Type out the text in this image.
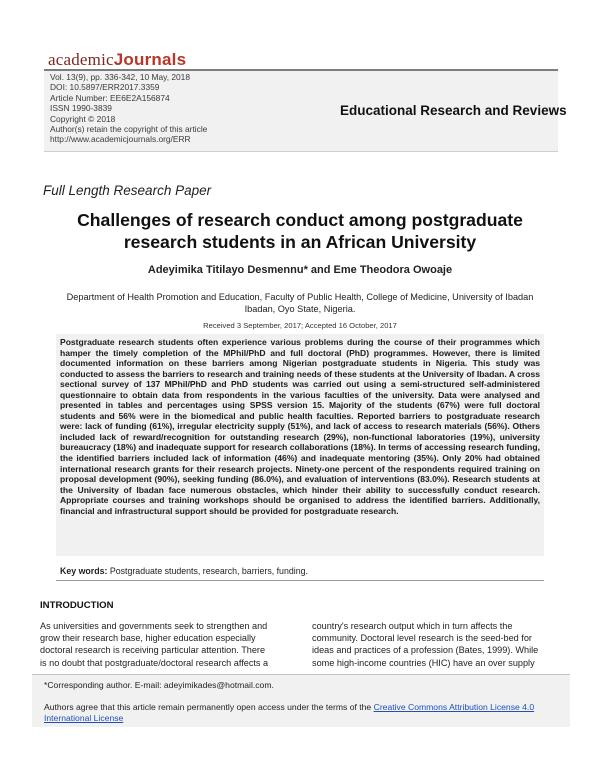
academicJournals
Vol. 13(9), pp. 336-342, 10 May, 2018
DOI: 10.5897/ERR2017.3359
Article Number: EE6E2A156874
ISSN 1990-3839
Copyright © 2018
Author(s) retain the copyright of this article
http://www.academicjournals.org/ERR
Educational Research and Reviews
Full Length Research Paper
Challenges of research conduct among postgraduate research students in an African University
Adeyimika Titilayo Desmennu* and Eme Theodora Owoaje
Department of Health Promotion and Education, Faculty of Public Health, College of Medicine, University of Ibadan Ibadan, Oyo State, Nigeria.
Received 3 September, 2017; Accepted 16 October, 2017
Postgraduate research students often experience various problems during the course of their programmes which hamper the timely completion of the MPhil/PhD and full doctoral (PhD) programmes. However, there is limited documented information on these barriers among Nigerian postgraduate students in Nigeria. This study was conducted to assess the barriers to research and training needs of these students at the University of Ibadan. A cross sectional survey of 137 MPhil/PhD and PhD students was carried out using a semi-structured self-administered questionnaire to obtain data from respondents in the various faculties of the university. Data were analysed and presented in tables and percentages using SPSS version 15. Majority of the students (67%) were full doctoral students and 56% were in the biomedical and public health faculties. Reported barriers to postgraduate research were: lack of funding (61%), irregular electricity supply (51%), and lack of access to research materials (56%). Others included lack of reward/recognition for outstanding research (29%), non-functional laboratories (19%), university bureaucracy (18%) and inadequate support for research collaborations (18%). In terms of accessing research funding, the identified barriers included lack of information (46%) and inadequate mentoring (35%). Only 20% had obtained international research grants for their research projects. Ninety-one percent of the respondents required training on proposal development (90%), seeking funding (86.0%), and evaluation of interventions (83.0%). Research students at the University of Ibadan face numerous obstacles, which hinder their ability to successfully conduct research. Appropriate courses and training workshops should be organised to address the identified barriers. Additionally, financial and infrastructural support should be provided for postgraduate research.
Key words: Postgraduate students, research, barriers, funding.
INTRODUCTION
As universities and governments seek to strengthen and
grow their research base, higher education especially
doctoral research is receiving particular attention. There
is no doubt that postgraduate/doctoral research affects a
country's research output which in turn affects the
community. Doctoral level research is the seed-bed for
ideas and practices of a profession (Bates, 1999). While
some high-income countries (HIC) have an over supply
*Corresponding author. E-mail: adeyimikades@hotmail.com.
Authors agree that this article remain permanently open access under the terms of the Creative Commons Attribution License 4.0 International License
